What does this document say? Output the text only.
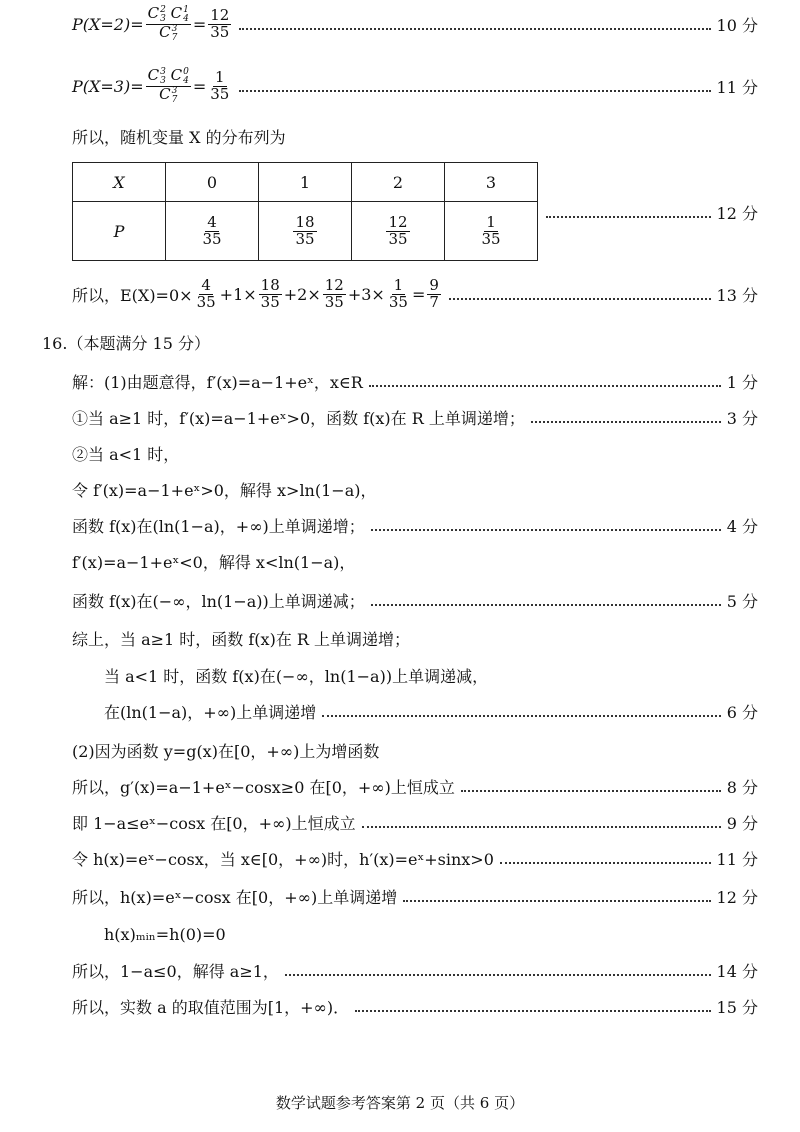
P(X=2)= C 2
3
C 1
4
C 3
$7 = \frac{12}{35}$	10 分
P(X=3)= C 3
3
C 0
4
C 3
$7 = \frac{1}{35}$	11 分
所以，随机变量 X 的分布列为
X	0	1	2	3
P	$\frac{4}{35}$	$\frac{18}{35}$	$\frac{12}{35}$	$\frac{1}{35}$
12 分
所以，$E(X)=0\times \frac{4}{35} +1\times \frac{18}{35} +2\times \frac{12}{35} +3\times \frac{1}{35} = \frac{9}{7}$	13 分
16.（本题满分 15 分）
解：(1)由题意得，f′(x)=a−1+eˣ，x∈R	1 分
①当 a≥1 时，f′(x)=a−1+eˣ>0，函数 f(x)在 R 上单调递增；	3 分
②当 a<1 时，
令 f′(x)=a−1+eˣ>0，解得 x>ln(1−a)，
函数 f(x)在(ln(1−a)，+∞)上单调递增；	4 分
f′(x)=a−1+eˣ<0，解得 x<ln(1−a)，
函数 f(x)在(−∞，ln(1−a))上单调递减；	5 分
综上，当 a≥1 时，函数 f(x)在 R 上单调递增；
当 a<1 时，函数 f(x)在(−∞，ln(1−a))上单调递减，
在(ln(1−a)，+∞)上单调递增	6 分
(2)因为函数 y=g(x)在[0，+∞)上为增函数
所以，g′(x)=a−1+eˣ−cosx≥0 在[0，+∞)上恒成立	8 分
即 1−a≤eˣ−cosx 在[0，+∞)上恒成立	9 分
令 h(x)=eˣ−cosx，当 x∈[0，+∞)时，h′(x)=eˣ+sinx>0	11 分
所以，h(x)=eˣ−cosx 在[0，+∞)上单调递增	12 分
h(x)ₘᵢₙ=h(0)=0
所以，1−a≤0，解得 a≥1，	14 分
所以，实数 a 的取值范围为[1，+∞)．	15 分
数学试题参考答案第 2 页（共 6 页）
